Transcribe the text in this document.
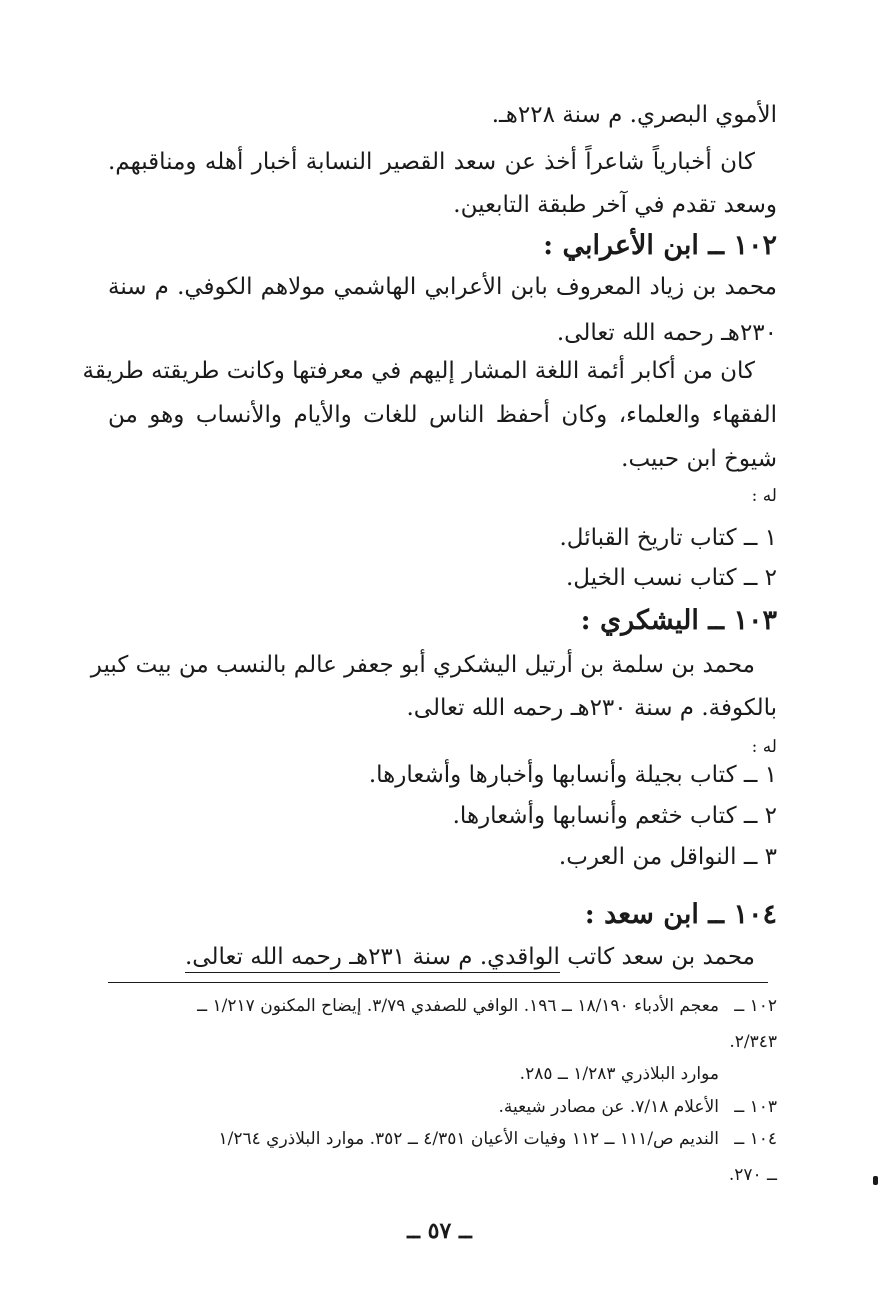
الأموي البصري. م سنة ٢٢٨هـ.
كان أخبارياً شاعراً أخذ عن سعد القصير النسابة أخبار أهله ومناقبهم.
وسعد تقدم في آخر طبقة التابعين.
١٠٢ ــ ابن الأعرابي :
محمد بن زياد المعروف بابن الأعرابي الهاشمي مولاهم الكوفي. م سنة
٢٣٠هـ رحمه الله تعالى.
كان من أكابر أئمة اللغة المشار إليهم في معرفتها وكانت طريقته طريقة
الفقهاء والعلماء، وكان أحفظ الناس للغات والأيام والأنساب وهو من
شيوخ ابن حبيب.
له :
١ ــ كتاب تاريخ القبائل.
٢ ــ كتاب نسب الخيل.
١٠٣ ــ اليشكري :
محمد بن سلمة بن أرتيل اليشكري أبو جعفر عالم بالنسب من بيت كبير
بالكوفة. م سنة ٢٣٠هـ رحمه الله تعالى.
له :
١ ــ كتاب بجيلة وأنسابها وأخبارها وأشعارها.
٢ ــ كتاب خثعم وأنسابها وأشعارها.
٣ ــ النواقل من العرب.
١٠٤ ــ ابن سعد :
محمد بن سعد كاتب الواقدي. م سنة ٢٣١هـ رحمه الله تعالى.
١٠٢ ــمعجم الأدباء ١٨/١٩٠ ــ ١٩٦. الوافي للصفدي ٣/٧٩. إيضاح المكنون ١/٢١٧ ــ
٢/٣٤٣.
موارد البلاذري ١/٢٨٣ ــ ٢٨٥.
١٠٣ ــالأعلام ٧/١٨. عن مصادر شيعية.
١٠٤ ــالنديم ص/١١١ ــ ١١٢ وفيات الأعيان ٤/٣٥١ ــ ٣٥٢. موارد البلاذري ١/٢٦٤
ــ ٢٧٠.
ــ ٥٧ ــ
